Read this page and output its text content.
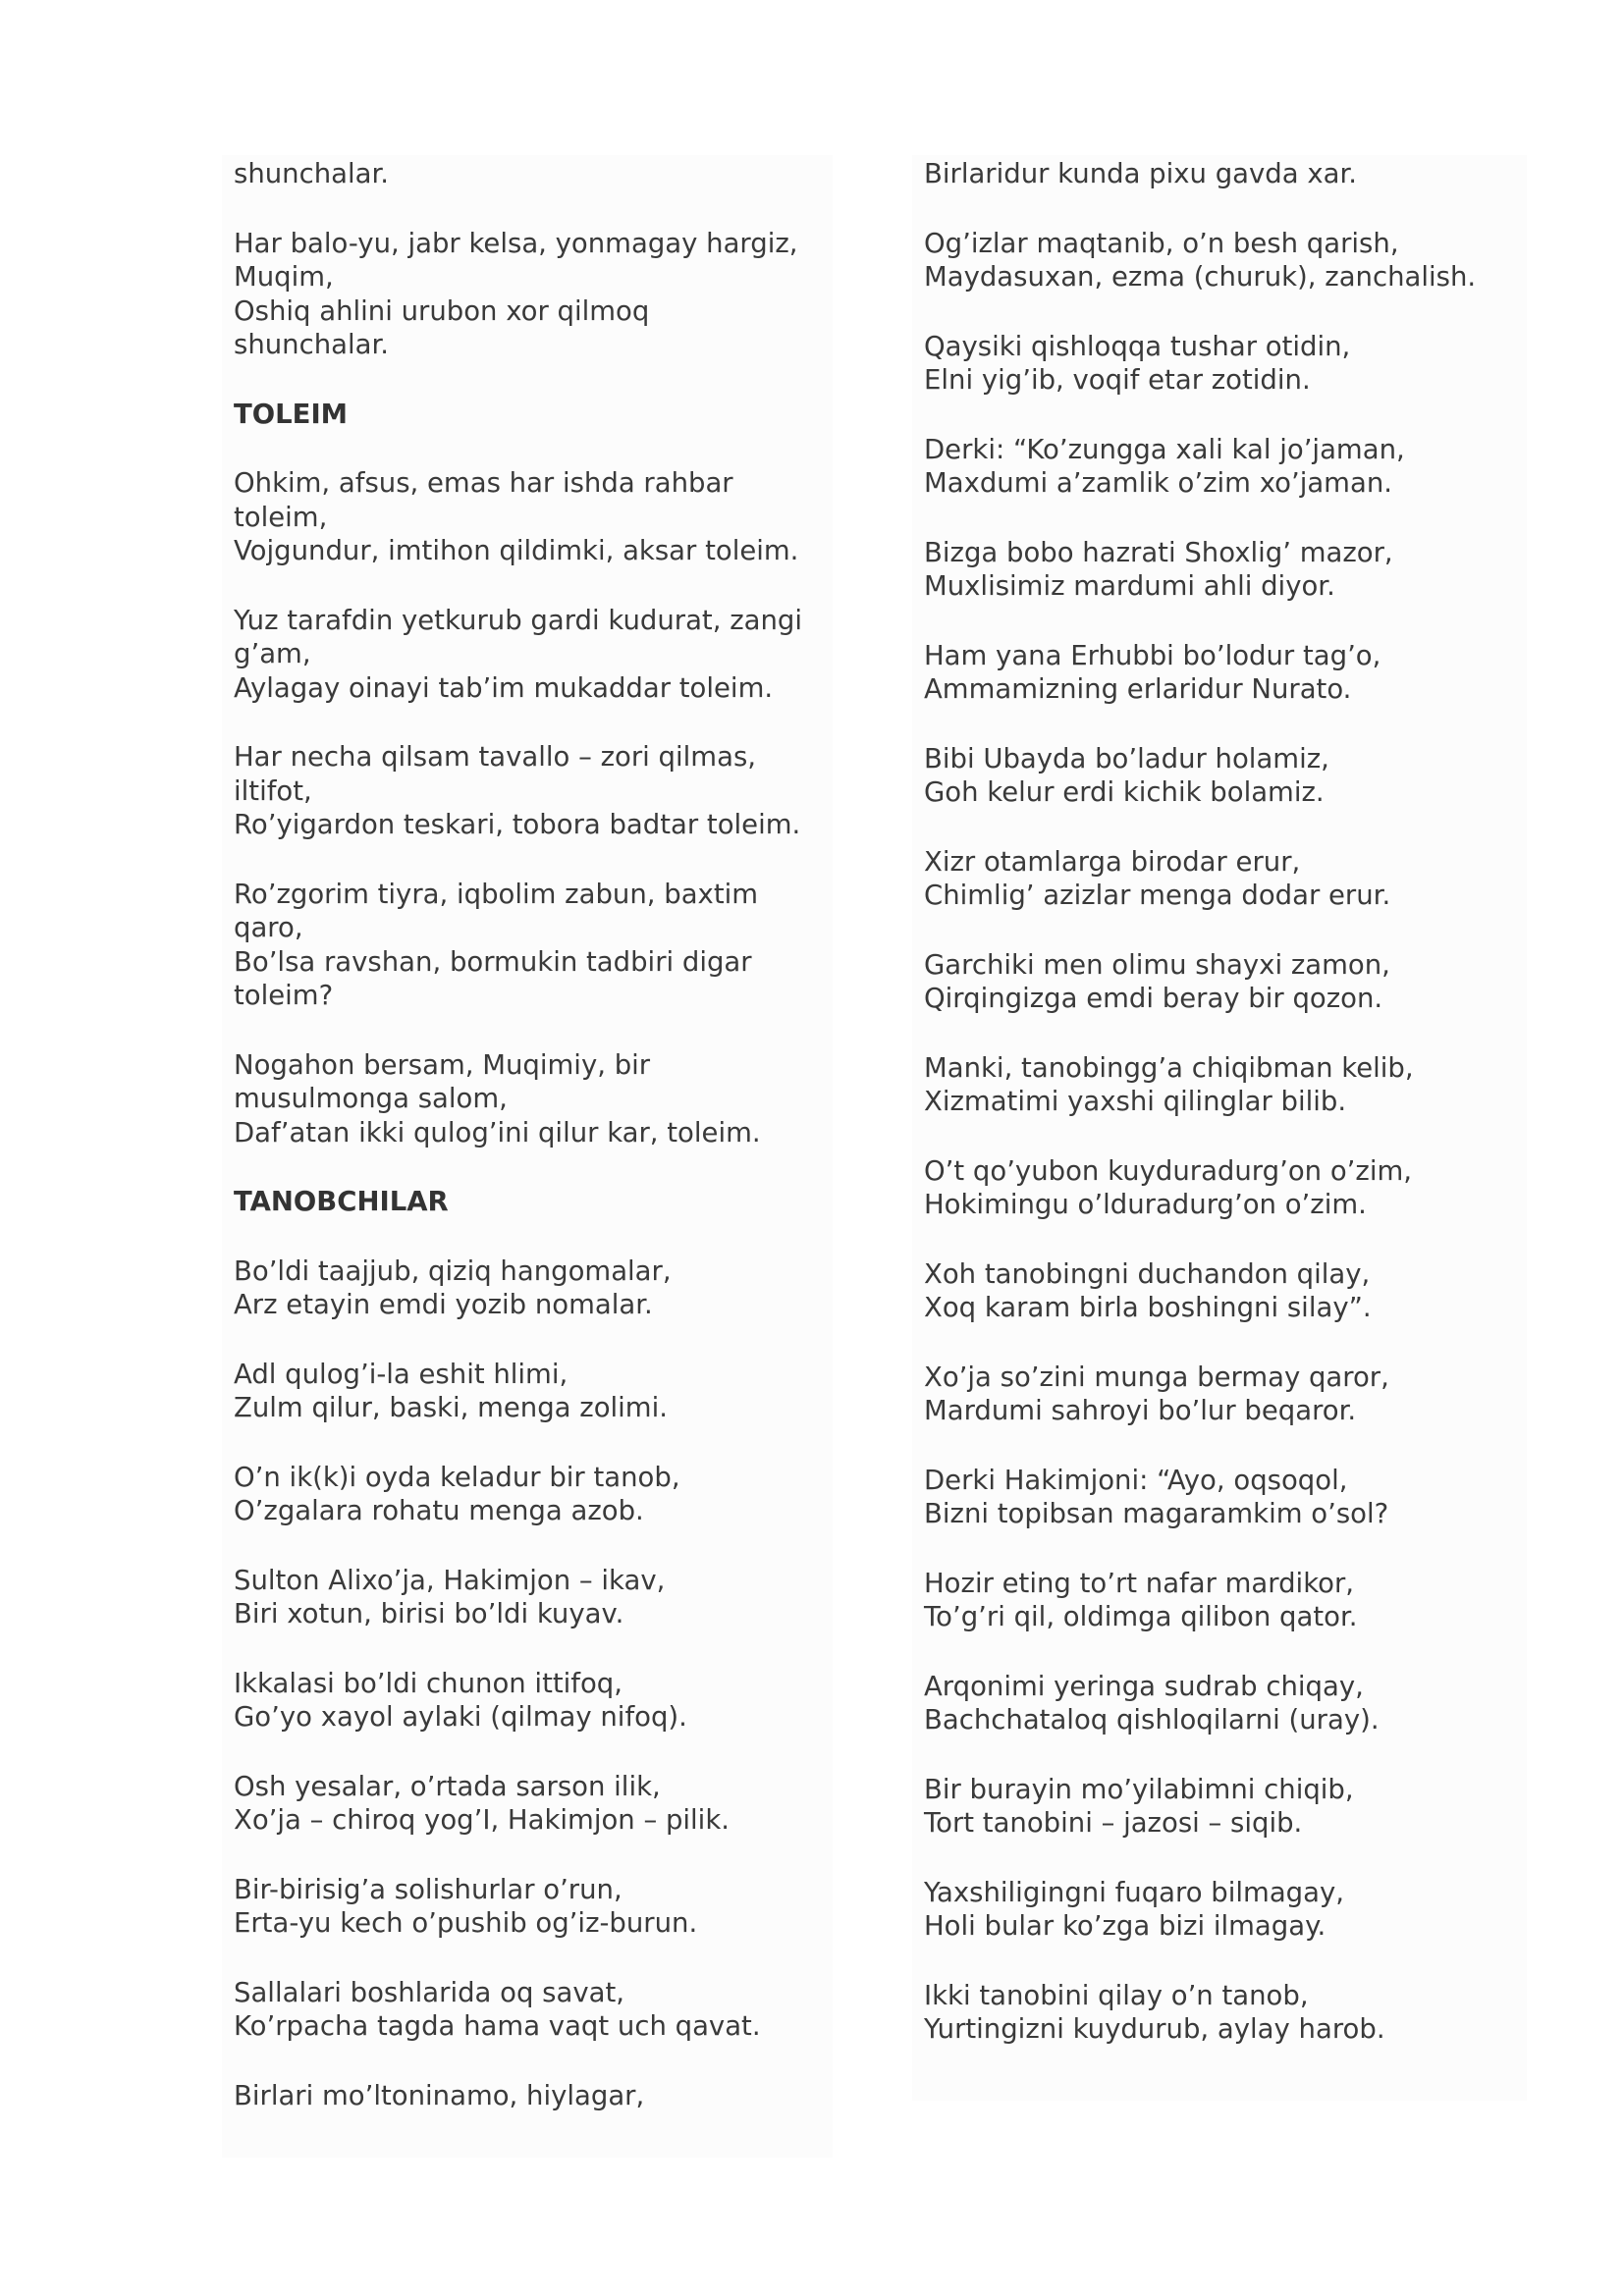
shunchalar.
Har balo-yu, jabr kelsa, yonmagay hargiz,
Muqim,
Oshiq ahlini urubon xor qilmoq
shunchalar.
TOLEIM
Ohkim, afsus, emas har ishda rahbar
toleim,
Vojgundur, imtihon qildimki, aksar toleim.
Yuz tarafdin yetkurub gardi kudurat, zangi
g’am,
Aylagay oinayi tab’im mukaddar toleim.
Har necha qilsam tavallo – zori qilmas,
iltifot,
Ro’yigardon teskari, tobora badtar toleim.
Ro’zgorim tiyra, iqbolim zabun, baxtim
qaro,
Bo’lsa ravshan, bormukin tadbiri digar
toleim?
Nogahon bersam, Muqimiy, bir
musulmonga salom,
Daf’atan ikki qulog’ini qilur kar, toleim.
TANOBCHILAR
Bo’ldi taajjub, qiziq hangomalar,
Arz etayin emdi yozib nomalar.
Adl qulog’i-la eshit hlimi,
Zulm qilur, baski, menga zolimi.
O’n ik(k)i oyda keladur bir tanob,
O’zgalara rohatu menga azob.
Sulton Alixo’ja, Hakimjon – ikav,
Biri xotun, birisi bo’ldi kuyav.
Ikkalasi bo’ldi chunon ittifoq,
Go’yo xayol aylaki (qilmay nifoq).
Osh yesalar, o’rtada sarson ilik,
Xo’ja – chiroq yog’I, Hakimjon – pilik.
Bir-birisig’a solishurlar o’run,
Erta-yu kech o’pushib og’iz-burun.
Sallalari boshlarida oq savat,
Ko’rpacha tagda hama vaqt uch qavat.
Birlari mo’ltoninamo, hiylagar,
Birlaridur kunda pixu gavda xar.
Og’izlar maqtanib, o’n besh qarish,
Maydasuxan, ezma (churuk), zanchalish.
Qaysiki qishloqqa tushar otidin,
Elni yig’ib, voqif etar zotidin.
Derki: “Ko’zungga xali kal jo’jaman,
Maxdumi a’zamlik o’zim xo’jaman.
Bizga bobo hazrati Shoxlig’ mazor,
Muxlisimiz mardumi ahli diyor.
Ham yana Erhubbi bo’lodur tag’o,
Ammamizning erlaridur Nurato.
Bibi Ubayda bo’ladur holamiz,
Goh kelur erdi kichik bolamiz.
Xizr otamlarga birodar erur,
Chimlig’ azizlar menga dodar erur.
Garchiki men olimu shayxi zamon,
Qirqingizga emdi beray bir qozon.
Manki, tanobingg’a chiqibman kelib,
Xizmatimi yaxshi qilinglar bilib.
O’t qo’yubon kuyduradurg’on o’zim,
Hokimingu o’lduradurg’on o’zim.
Xoh tanobingni duchandon qilay,
Xoq karam birla boshingni silay”.
Xo’ja so’zini munga bermay qaror,
Mardumi sahroyi bo’lur beqaror.
Derki Hakimjoni: “Ayo, oqsoqol,
Bizni topibsan magaramkim o’sol?
Hozir eting to’rt nafar mardikor,
To’g’ri qil, oldimga qilibon qator.
Arqonimi yeringa sudrab chiqay,
Bachchataloq qishloqilarni (uray).
Bir burayin mo’yilabimni chiqib,
Tort tanobini – jazosi – siqib.
Yaxshiligingni fuqaro bilmagay,
Holi bular ko’zga bizi ilmagay.
Ikki tanobini qilay o’n tanob,
Yurtingizni kuydurub, aylay harob.
